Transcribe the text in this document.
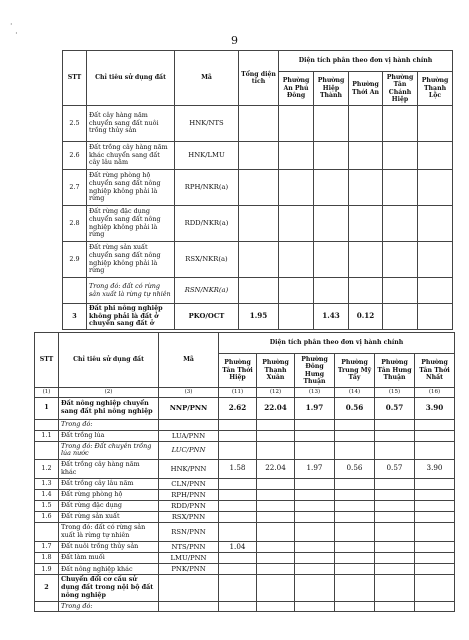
·
·
9
STT	Chỉ tiêu sử dụng đất	Mã	Tổng diện tích	Diện tích phân theo đơn vị hành chính				
				Phường An Phú Đông	Phường Hiệp Thành	Phường Thới An	Phường Tân Chánh Hiệp	Phường Thạnh Lộc
2.5	Đất cây hàng năm chuyển sang đất nuôi trồng thủy sản	HNK/NTS						
2.6	Đất trồng cây hàng năm khác chuyển sang đất cây lâu năm	HNK/LMU						
2.7	Đất rừng phòng hộ chuyển sang đất nông nghiệp không phải là rừng	RPH/NKR(a)						
2.8	Đất rừng đặc dụng chuyển sang đất nông nghiệp không phải là rừng	RDD/NKR(a)						
2.9	Đất rừng sản xuất chuyển sang đất nông nghiệp không phải là rừng	RSX/NKR(a)						
	Trong đó: đất có rừng sản xuất là rừng tự nhiên	RSN/NKR(a)						
3	Đất phi nông nghiệp không phải là đất ở chuyển sang đất ở	PKO/OCT	1.95		1.43	0.12		
STT	Chỉ tiêu sử dụng đất	Mã	Diện tích phân theo đơn vị hành chính					
			Phường Tân Thới Hiệp	Phường Thạnh Xuân	Phường Đông Hưng Thuận	Phường Trung Mỹ Tây	Phường Tân Hưng Thuận	Phường Tân Thới Nhất
(1)	(2)	(3)	(11)	(12)	(13)	(14)	(15)	(16)
1	Đất nông nghiệp chuyển sang đất phi nông nghiệp	NNP/PNN	2.62	22.04	1.97	0.56	0.57	3.90
	Trong đó:							
1.1	Đất trồng lúa	LUA/PNN						
	Trong đó: Đất chuyên trồng lúa nước	LUC/PNN						
1.2	Đất trồng cây hàng năm khác	HNK/PNN	1.58	22.04	1.97	0.56	0.57	3.90
1.3	Đất trồng cây lâu năm	CLN/PNN						
1.4	Đất rừng phòng hộ	RPH/PNN						
1.5	Đất rừng đặc dụng	RDD/PNN						
1.6	Đất rừng sản xuất	RSX/PNN						
	Trong đó: đất có rừng sản xuất là rừng tự nhiên	RSN/PNN						
1.7	Đất nuôi trồng thủy sản	NTS/PNN	1.04					
1.8	Đất làm muối	LMU/PNN						
1.9	Đất nông nghiệp khác	PNK/PNN						
2	Chuyển đổi cơ cấu sử dụng đất trong nội bộ đất nông nghiệp							
	Trong đó:							
